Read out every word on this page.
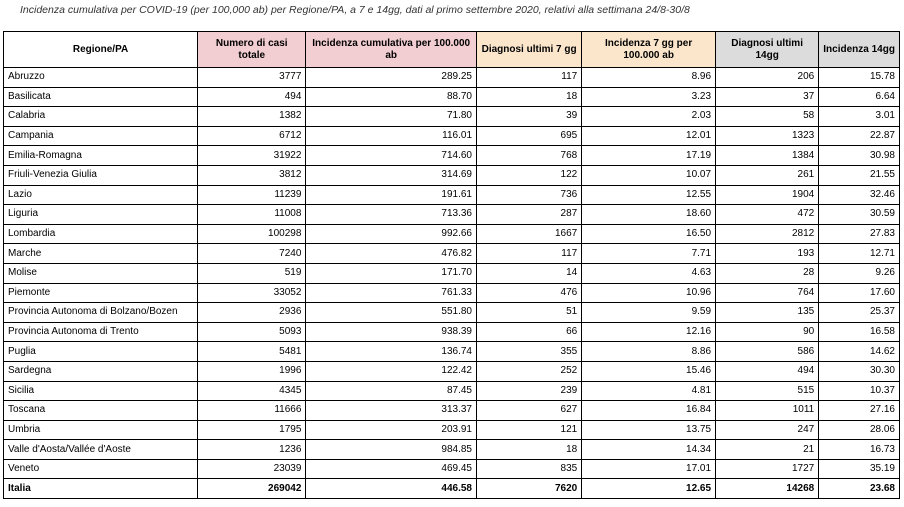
Incidenza cumulativa per COVID-19 (per 100,000 ab) per Regione/PA, a 7 e 14gg, dati al primo settembre 2020, relativi alla settimana 24/8-30/8
Regione/PA	Numero di casi totale	Incidenza cumulativa per 100.000 ab	Diagnosi ultimi 7 gg	Incidenza 7 gg per 100.000 ab	Diagnosi ultimi 14gg	Incidenza 14gg
Abruzzo	3777	289.25	117	8.96	206	15.78
Basilicata	494	88.70	18	3.23	37	6.64
Calabria	1382	71.80	39	2.03	58	3.01
Campania	6712	116.01	695	12.01	1323	22.87
Emilia-Romagna	31922	714.60	768	17.19	1384	30.98
Friuli-Venezia Giulia	3812	314.69	122	10.07	261	21.55
Lazio	11239	191.61	736	12.55	1904	32.46
Liguria	11008	713.36	287	18.60	472	30.59
Lombardia	100298	992.66	1667	16.50	2812	27.83
Marche	7240	476.82	117	7.71	193	12.71
Molise	519	171.70	14	4.63	28	9.26
Piemonte	33052	761.33	476	10.96	764	17.60
Provincia Autonoma di Bolzano/Bozen	2936	551.80	51	9.59	135	25.37
Provincia Autonoma di Trento	5093	938.39	66	12.16	90	16.58
Puglia	5481	136.74	355	8.86	586	14.62
Sardegna	1996	122.42	252	15.46	494	30.30
Sicilia	4345	87.45	239	4.81	515	10.37
Toscana	11666	313.37	627	16.84	1011	27.16
Umbria	1795	203.91	121	13.75	247	28.06
Valle d'Aosta/Vallée d'Aoste	1236	984.85	18	14.34	21	16.73
Veneto	23039	469.45	835	17.01	1727	35.19
Italia	269042	446.58	7620	12.65	14268	23.68
